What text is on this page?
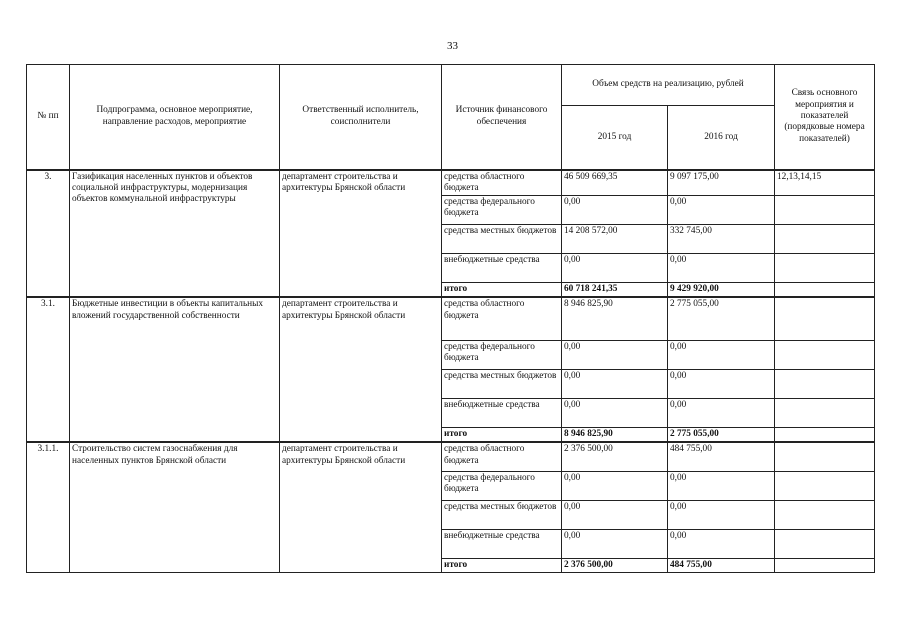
33
№ пп	Подпрограмма, основное мероприятие, направление расходов, мероприятие	Ответственный исполнитель, соисполнители	Источник финансового обеспечения	Объем средств на реализацию, рублей		Связь основного мероприятия и показателей (порядковые номера показателей)
				2015 год	2016 год	
3.	Газификация населенных пунктов и объектов социальной инфраструктуры, модернизация объектов коммунальной инфраструктуры	департамент строительства и архитектуры Брянской области	средства областного бюджета	46 509 669,35	9 097 175,00	12,13,14,15
			средства федерального бюджета	0,00	0,00	
			средства местных бюджетов	14 208 572,00	332 745,00	
			внебюджетные средства	0,00	0,00	
			итого	60 718 241,35	9 429 920,00	
3.1.	Бюджетные инвестиции в объекты капитальных вложений государственной собственности	департамент строительства и архитектуры Брянской области	средства областного бюджета	8 946 825,90	2 775 055,00	
			средства федерального бюджета	0,00	0,00	
			средства местных бюджетов	0,00	0,00	
			внебюджетные средства	0,00	0,00	
			итого	8 946 825,90	2 775 055,00	
3.1.1.	Строительство систем газоснабжения для населенных пунктов Брянской области	департамент строительства и архитектуры Брянской области	средства областного бюджета	2 376 500,00	484 755,00	
			средства федерального бюджета	0,00	0,00	
			средства местных бюджетов	0,00	0,00	
			внебюджетные средства	0,00	0,00	
			итого	2 376 500,00	484 755,00	
